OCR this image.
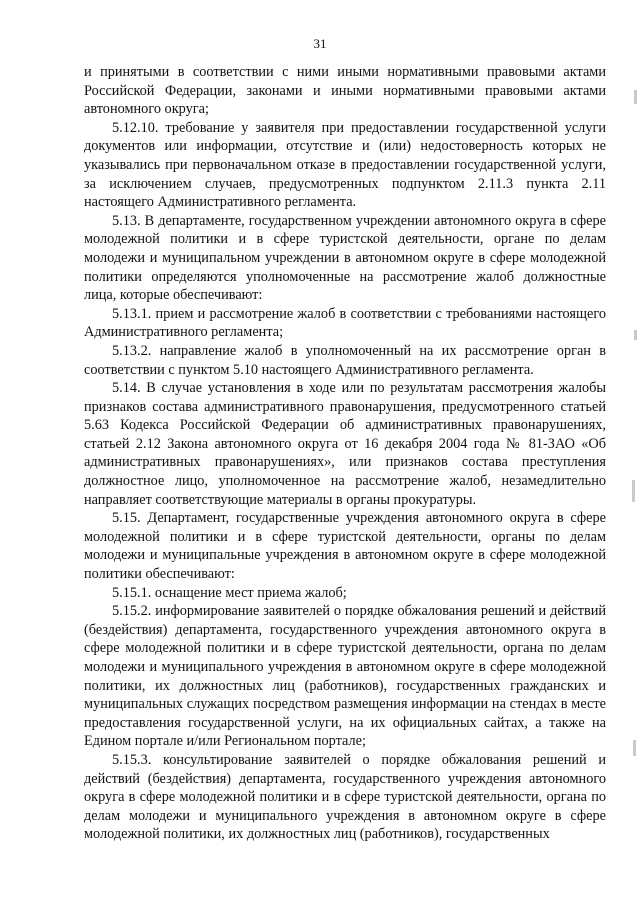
31

и принятыми в соответствии с ними иными нормативными правовыми актами Российской Федерации, законами и иными нормативными правовыми актами автономного округа;

5.12.10. требование у заявителя при предоставлении государственной услуги документов или информации, отсутствие и (или) недостоверность которых не указывались при первоначальном отказе в предоставлении государственной услуги, за исключением случаев, предусмотренных подпунктом 2.11.3 пункта 2.11 настоящего Административного регламента.

5.13. В департаменте, государственном учреждении автономного округа в сфере молодежной политики и в сфере туристской деятельности, органе по делам молодежи и муниципальном учреждении в автономном округе в сфере молодежной политики определяются уполномоченные на рассмотрение жалоб должностные лица, которые обеспечивают:

5.13.1. прием и рассмотрение жалоб в соответствии с требованиями настоящего Административного регламента;

5.13.2. направление жалоб в уполномоченный на их рассмотрение орган в соответствии с пунктом 5.10 настоящего Административного регламента.

5.14. В случае установления в ходе или по результатам рассмотрения жалобы признаков состава административного правонарушения, предусмотренного статьей 5.63 Кодекса Российской Федерации об административных правонарушениях, статьей 2.12 Закона автономного округа от 16 декабря 2004 года № 81-ЗАО «Об административных правонарушениях», или признаков состава преступления должностное лицо, уполномоченное на рассмотрение жалоб, незамедлительно направляет соответствующие материалы в органы прокуратуры.

5.15. Департамент, государственные учреждения автономного округа в сфере молодежной политики и в сфере туристской деятельности, органы по делам молодежи и муниципальные учреждения в автономном округе в сфере молодежной политики обеспечивают:

5.15.1. оснащение мест приема жалоб;

5.15.2. информирование заявителей о порядке обжалования решений и действий (бездействия) департамента, государственного учреждения автономного округа в сфере молодежной политики и в сфере туристской деятельности, органа по делам молодежи и муниципального учреждения в автономном округе в сфере молодежной политики, их должностных лиц (работников), государственных гражданских и муниципальных служащих посредством размещения информации на стендах в месте предоставления государственной услуги, на их официальных сайтах, а также на Едином портале и/или Региональном портале;

5.15.3. консультирование заявителей о порядке обжалования решений и действий (бездействия) департамента, государственного учреждения автономного округа в сфере молодежной политики и в сфере туристской деятельности, органа по делам молодежи и муниципального учреждения в автономном округе в сфере молодежной политики, их должностных лиц (работников), государственных
